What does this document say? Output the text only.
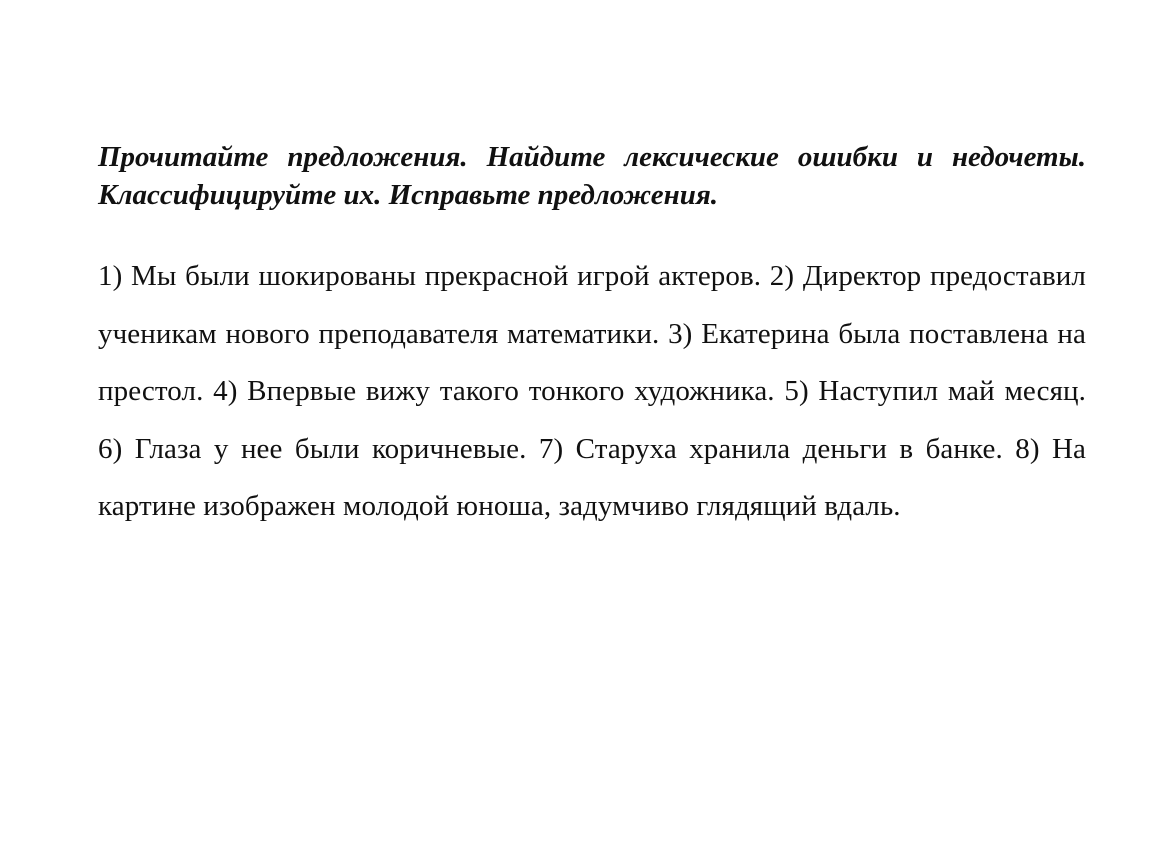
Прочитайте предложения. Найдите лексические ошибки и недочеты. Классифицируйте их. Исправьте предложения.

1) Мы были шокированы прекрасной игрой актеров. 2) Директор предоставил ученикам нового преподавателя математики. 3) Екатерина была поставлена на престол. 4) Впервые вижу такого тонкого художника. 5) Наступил май месяц. 6) Глаза у нее были коричневые. 7) Старуха хранила деньги в банке. 8) На картине изображен молодой юноша, задумчиво глядящий вдаль.
